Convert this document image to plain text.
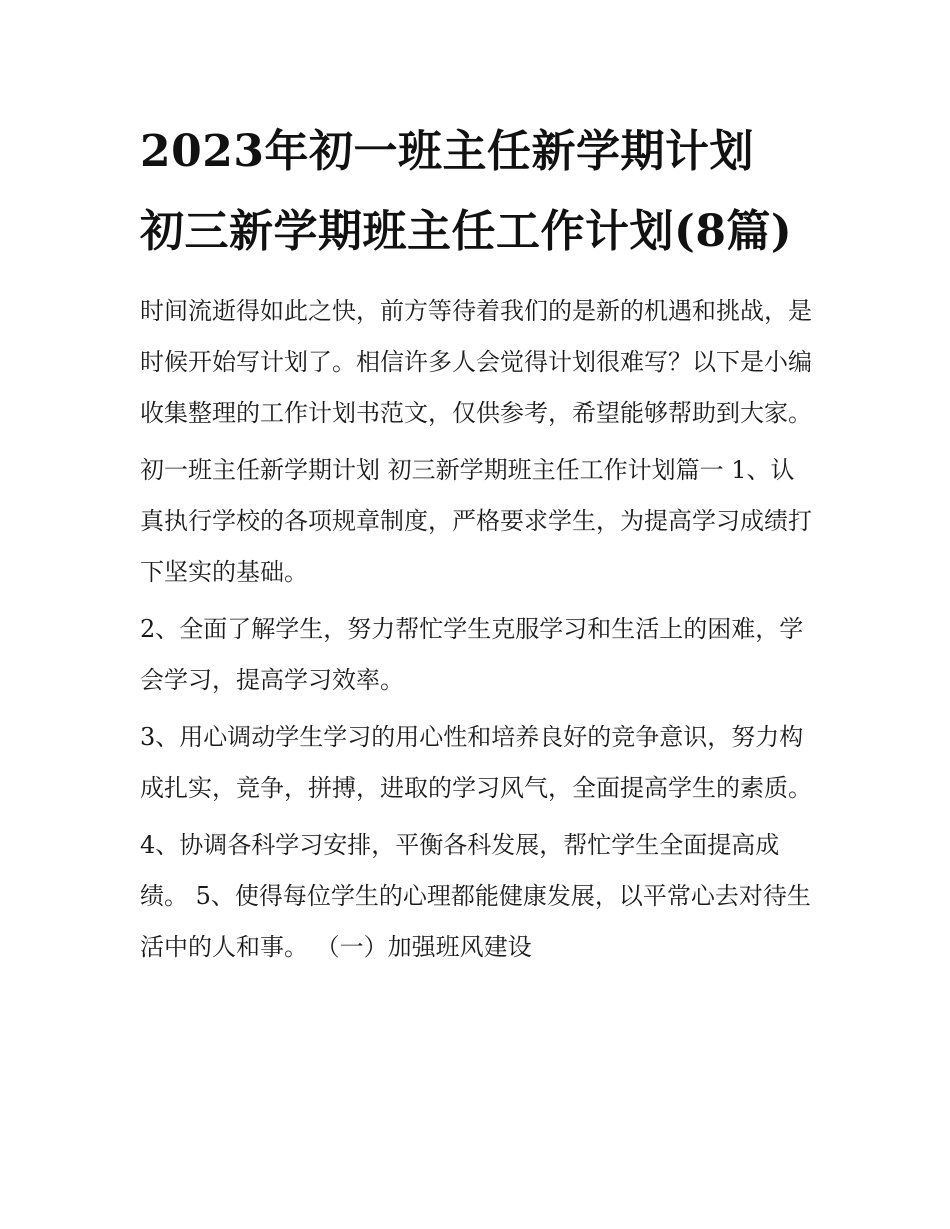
2023年初一班主任新学期计划 初三新学期班主任工作计划(8篇)

时间流逝得如此之快，前方等待着我们的是新的机遇和挑战，是时候开始写计划了。相信许多人会觉得计划很难写？以下是小编收集整理的工作计划书范文，仅供参考，希望能够帮助到大家。

初一班主任新学期计划 初三新学期班主任工作计划篇一 1、认真执行学校的各项规章制度，严格要求学生，为提高学习成绩打下坚实的基础。

2、全面了解学生，努力帮忙学生克服学习和生活上的困难，学会学习，提高学习效率。

3、用心调动学生学习的用心性和培养良好的竞争意识，努力构成扎实，竞争，拼搏，进取的学习风气，全面提高学生的素质。

4、协调各科学习安排，平衡各科发展，帮忙学生全面提高成绩。 5、使得每位学生的心理都能健康发展，以平常心去对待生活中的人和事。 （一）加强班风建设
